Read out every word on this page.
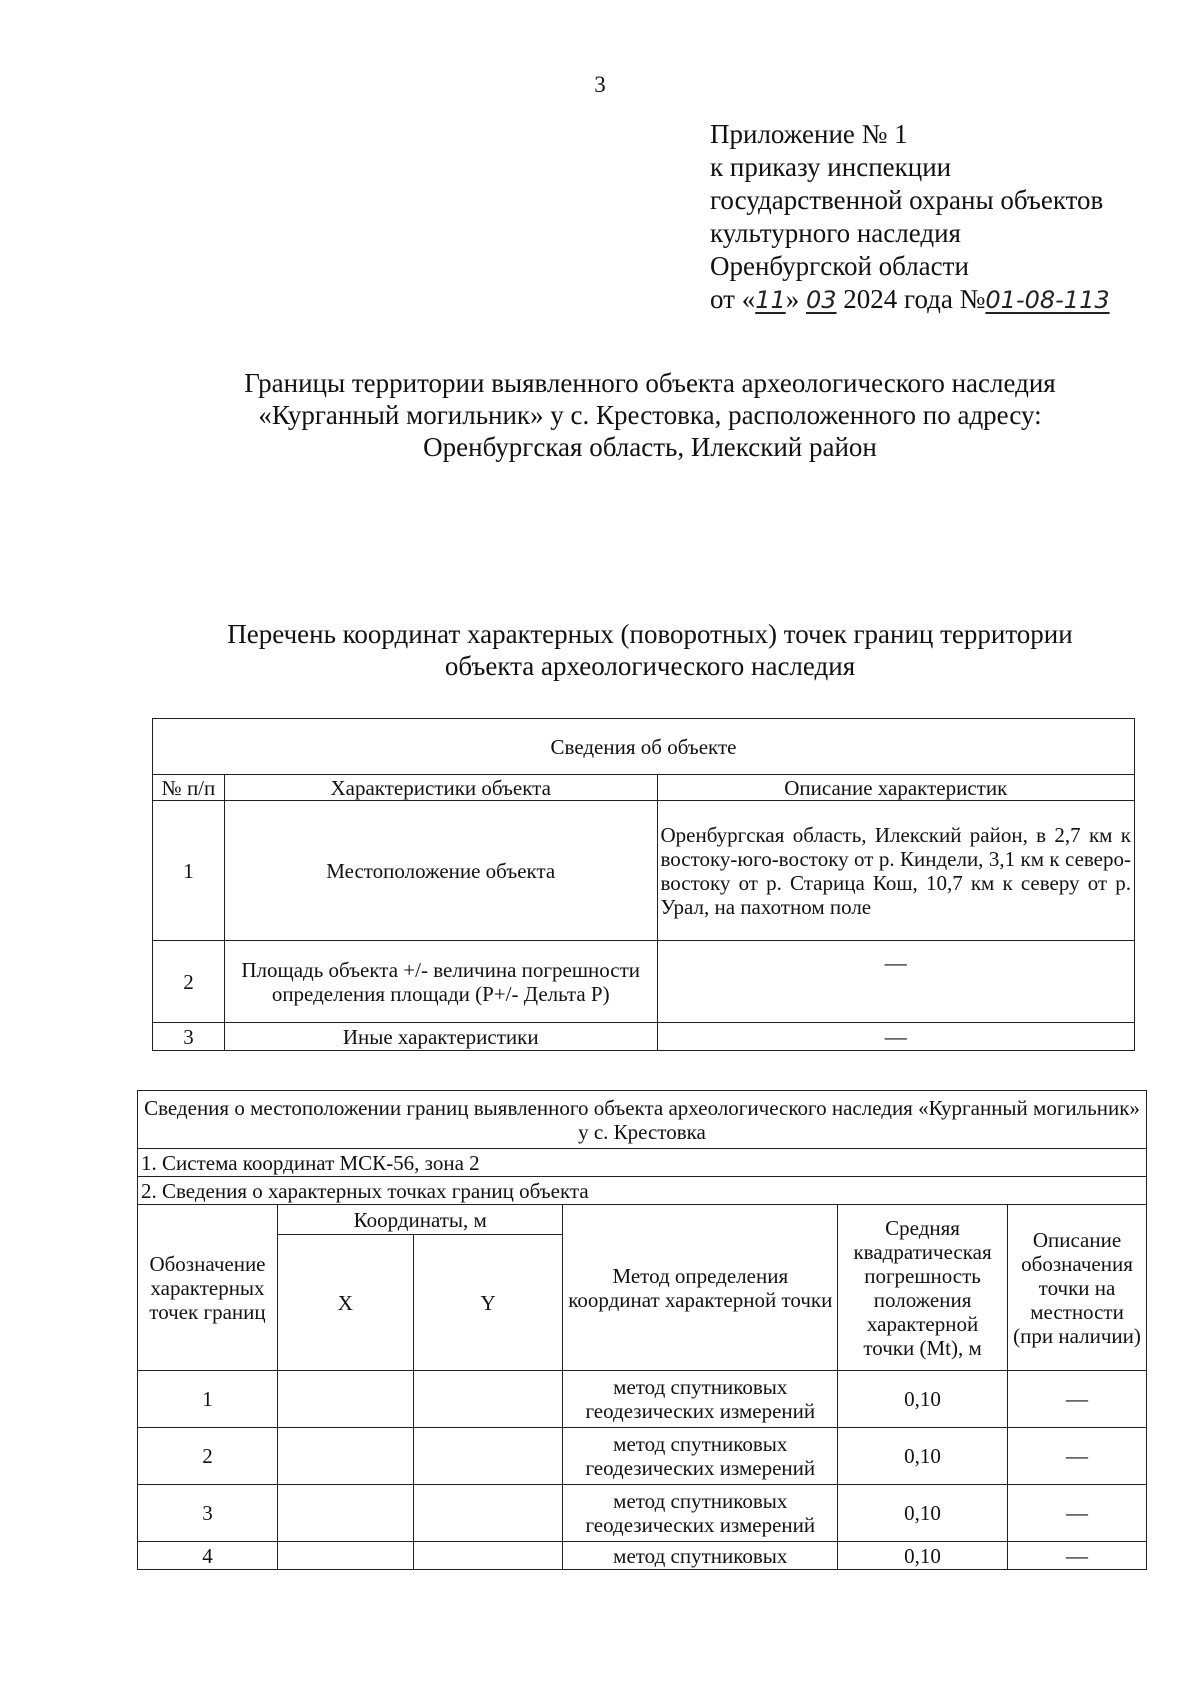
3
Приложение № 1
к приказу инспекции
государственной охраны объектов
культурного наследия
Оренбургской области
от «11» 03 2024 года №01-08-113
Границы территории выявленного объекта археологического наследия
«Курганный могильник» у с. Крестовка, расположенного по адресу:
Оренбургская область, Илекский район
Перечень координат характерных (поворотных) точек границ территории
объекта археологического наследия
Сведения об объекте		
№ п/п	Характеристики объекта	Описание характеристик
1	Местоположение объекта	Оренбургская область, Илекский район, в 2,7 км к востоку-юго-востоку от р. Киндели, 3,1 км к северо-востоку от р. Старица Кош, 10,7 км к северу от р. Урал, на пахотном поле
2	Площадь объекта +/- величина погрешности определения площади (P+/- Дельта P)	—
3	Иные характеристики	—
Сведения о местоположении границ выявленного объекта археологического наследия «Курганный могильник» у с. Крестовка					
1. Система координат МСК-56, зона 2					
2. Сведения о характерных точках границ объекта					
Обозначение характерных точек границ	Координаты, м		Метод определения координат характерной точки	Средняя квадратическая погрешность положения характерной точки (Mt), м	Описание обозначения точки на местности (при наличии)
	X	Y			
1			метод спутниковых геодезических измерений	0,10	—
2			метод спутниковых геодезических измерений	0,10	—
3			метод спутниковых геодезических измерений	0,10	—
4			метод спутниковых	0,10	—
